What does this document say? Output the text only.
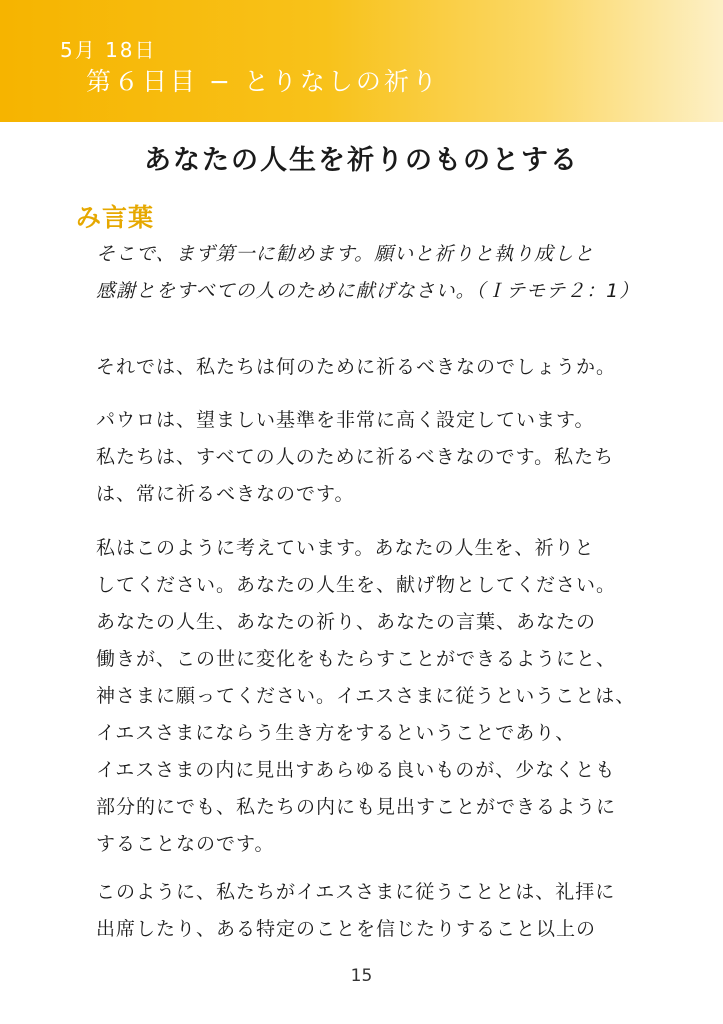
5月 18日
第６日目 − とりなしの祈り
あなたの人生を祈りのものとする
み言葉
そこで、まず第一に勧めます。願いと祈りと執り成しと
感謝とをすべての人のために献げなさい。（Ｉテモテ２：1）
それでは、私たちは何のために祈るべきなのでしょうか。
パウロは、望ましい基準を非常に高く設定しています。
私たちは、すべての人のために祈るべきなのです。私たち
は、常に祈るべきなのです。
私はこのように考えています。あなたの人生を、祈りと
してください。あなたの人生を、献げ物としてください。
あなたの人生、あなたの祈り、あなたの言葉、あなたの
働きが、この世に変化をもたらすことができるようにと、
神さまに願ってください。イエスさまに従うということは、
イエスさまにならう生き方をするということであり、
イエスさまの内に見出すあらゆる良いものが、少なくとも
部分的にでも、私たちの内にも見出すことができるように
することなのです。
このように、私たちがイエスさまに従うこととは、礼拝に
出席したり、ある特定のことを信じたりすること以上の
15
